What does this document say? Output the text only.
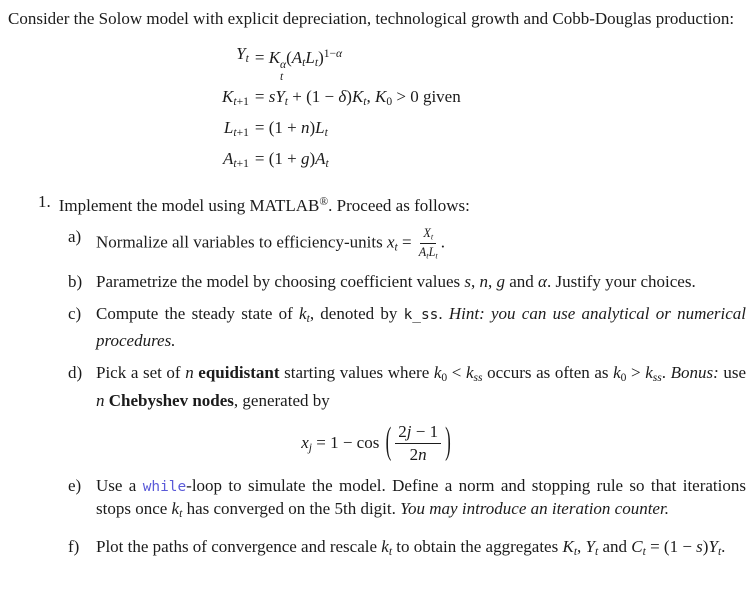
Consider the Solow model with explicit depreciation, technological growth and Cobb-Douglas production:

Yt = K α
t
(AtLt)$^{1-\alpha}$
Kt+1 = sYt + (1 − δ)Kt, K0 > 0 given
Lt+1 = (1 + n)Lt
At+1 = (1 + g)At
1. Implement the model using MATLAB®. Proceed as follows:
a) Normalize all variables to efficiency-units xt = Xt
AtLt
.
b) Parametrize the model by choosing coefficient values s, n, g and α. Justify your choices.
c) Compute the steady state of kt, denoted by k_ss. Hint: you can use analytical or numerical procedures.
d) Pick a set of n equidistant starting values where k0 < kss occurs as often as k0 > kss. Bonus: use n Chebyshev nodes, generated by
xj = 1 − cos ( $\frac{2j - 1}{2n}$ )
e) Use a while-loop to simulate the model. Define a norm and stopping rule so that iterations stops once kt has converged on the 5th digit. You may introduce an iteration counter.
f) Plot the paths of convergence and rescale kt to obtain the aggregates Kt, Yt and Ct = (1 − s)Yt.
